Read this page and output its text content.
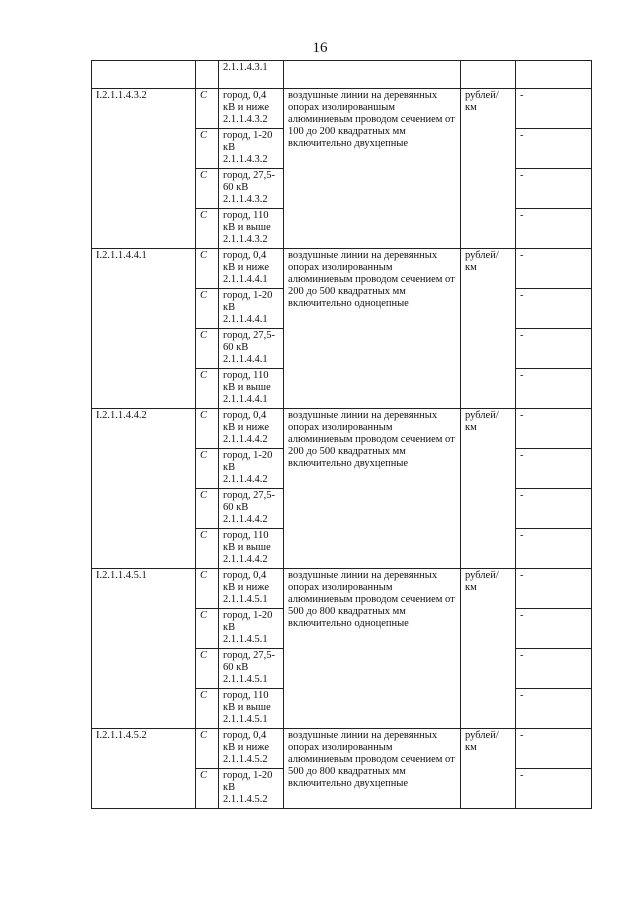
16
		2.1.1.4.3.1			
I.2.1.1.4.3.2	C	город, 0,4 кВ и ниже 2.1.1.4.3.2	воздушные линии на деревянных опорах изолированшым алюминиевым проводом сечением от 100 до 200 квадратных мм включительно двухцепные	рублей/ км	-
	C	город, 1-20 кВ 2.1.1.4.3.2			-
	C	город, 27,5-60 кВ 2.1.1.4.3.2			-
	C	город, 110 кВ и выше 2.1.1.4.3.2			-
I.2.1.1.4.4.1	C	город, 0,4 кВ и ниже 2.1.1.4.4.1	воздушные линии на деревянных опорах изолированным алюминиевым проводом сечением от 200 до 500 квадратных мм включительно одноцепные	рублей/ км	-
	C	город, 1-20 кВ 2.1.1.4.4.1			-
	C	город, 27,5-60 кВ 2.1.1.4.4.1			-
	C	город, 110 кВ и выше 2.1.1.4.4.1			-
I.2.1.1.4.4.2	C	город, 0,4 кВ и ниже 2.1.1.4.4.2	воздушные линии на деревянных опорах изолированным алюминиевым проводом сечением от 200 до 500 квадратных мм включительно двухцепные	рублей/ км	-
	C	город, 1-20 кВ 2.1.1.4.4.2			-
	C	город, 27,5-60 кВ 2.1.1.4.4.2			-
	C	город, 110 кВ и выше 2.1.1.4.4.2			-
I.2.1.1.4.5.1	C	город, 0,4 кВ и ниже 2.1.1.4.5.1	воздушные линии на деревянных опорах изолированным алюминиевым проводом сечением от 500 до 800 квадратных мм включительно одноцепные	рублей/ км	-
	C	город, 1-20 кВ 2.1.1.4.5.1			-
	C	город, 27,5-60 кВ 2.1.1.4.5.1			-
	C	город, 110 кВ и выше 2.1.1.4.5.1			-
I.2.1.1.4.5.2	C	город, 0,4 кВ и ниже 2.1.1.4.5.2	воздушные линии на деревянных опорах изолированным алюминиевым проводом сечением от 500 до 800 квадратных мм включительно двухцепные	рублей/ км	-
	C	город, 1-20 кВ 2.1.1.4.5.2			-
